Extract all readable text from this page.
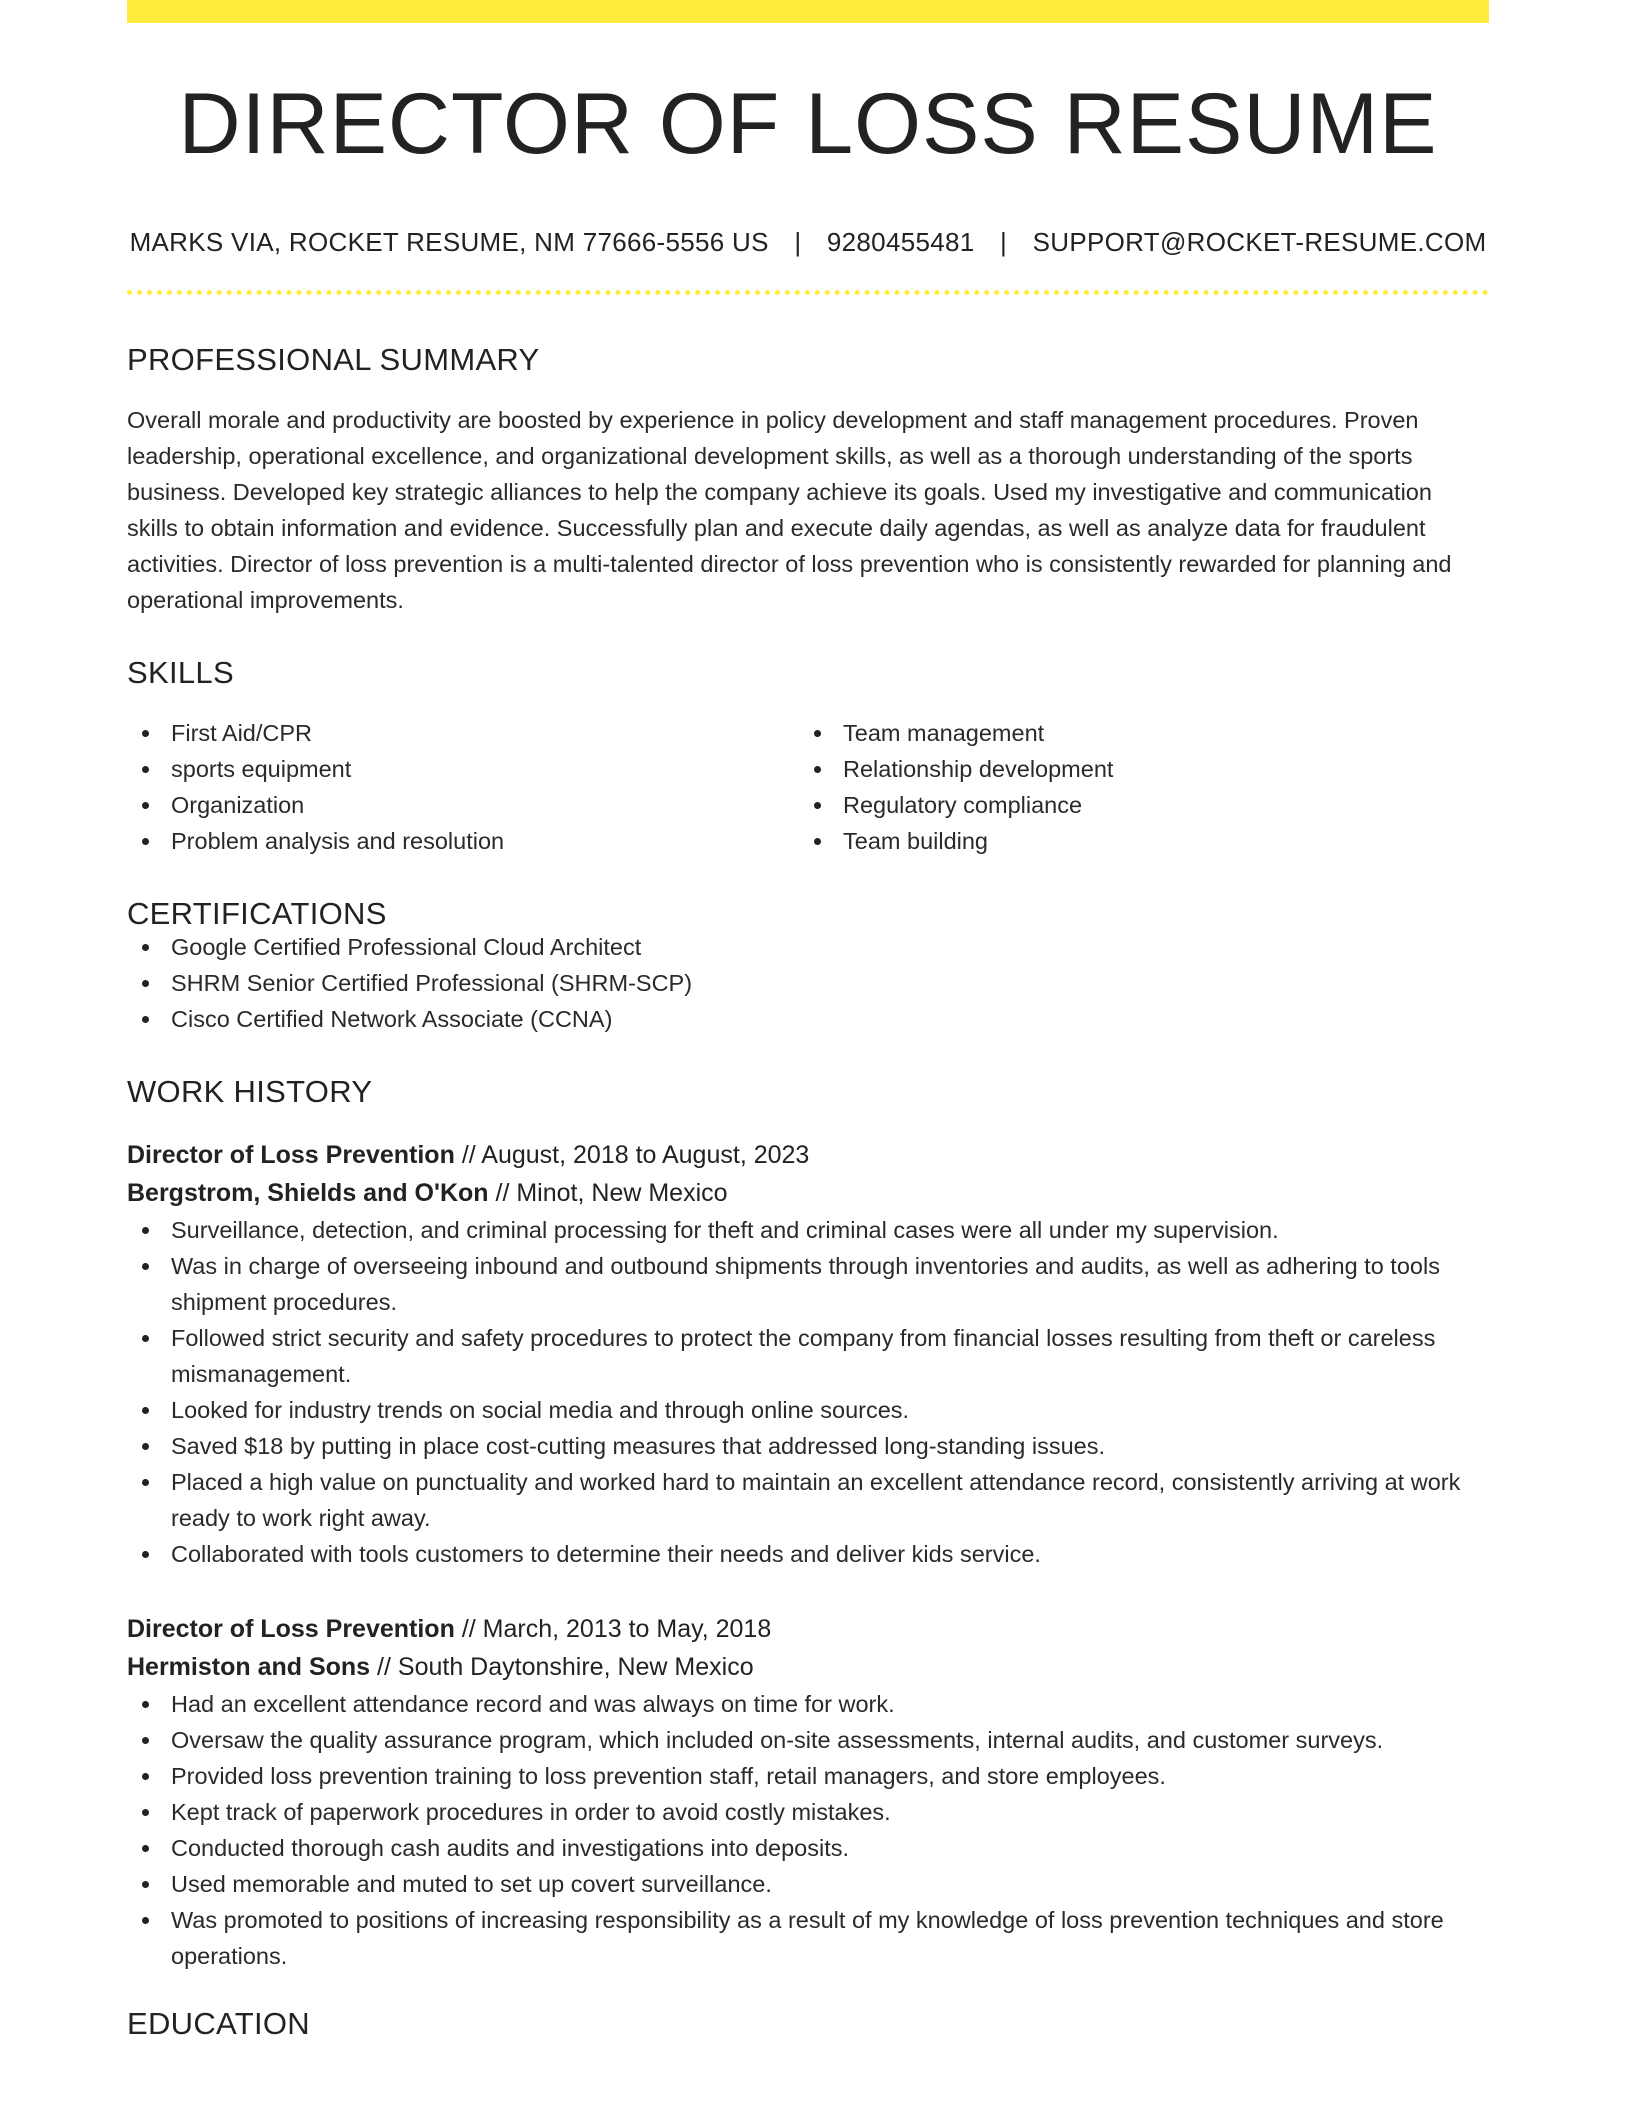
DIRECTOR OF LOSS RESUME
MARKS VIA, ROCKET RESUME, NM 77666-5556 US | 9280455481 | SUPPORT@ROCKET-RESUME.COM
PROFESSIONAL SUMMARY

Overall morale and productivity are boosted by experience in policy development and staff management procedures. Proven leadership, operational excellence, and organizational development skills, as well as a thorough understanding of the sports business. Developed key strategic alliances to help the company achieve its goals. Used my investigative and communication skills to obtain information and evidence. Successfully plan and execute daily agendas, as well as analyze data for fraudulent activities. Director of loss prevention is a multi-talented director of loss prevention who is consistently rewarded for planning and operational improvements.

SKILLS
First Aid/CPR
sports equipment
Organization
Problem analysis and resolution
Team management
Relationship development
Regulatory compliance
Team building
CERTIFICATIONS
Google Certified Professional Cloud Architect
SHRM Senior Certified Professional (SHRM-SCP)
Cisco Certified Network Associate (CCNA)
WORK HISTORY
Director of Loss Prevention // August, 2018 to August, 2023
Bergstrom, Shields and O'Kon // Minot, New Mexico
Surveillance, detection, and criminal processing for theft and criminal cases were all under my supervision.
Was in charge of overseeing inbound and outbound shipments through inventories and audits, as well as adhering to tools shipment procedures.
Followed strict security and safety procedures to protect the company from financial losses resulting from theft or careless mismanagement.
Looked for industry trends on social media and through online sources.
Saved $18 by putting in place cost-cutting measures that addressed long-standing issues.
Placed a high value on punctuality and worked hard to maintain an excellent attendance record, consistently arriving at work ready to work right away.
Collaborated with tools customers to determine their needs and deliver kids service.
Director of Loss Prevention // March, 2013 to May, 2018
Hermiston and Sons // South Daytonshire, New Mexico
Had an excellent attendance record and was always on time for work.
Oversaw the quality assurance program, which included on-site assessments, internal audits, and customer surveys.
Provided loss prevention training to loss prevention staff, retail managers, and store employees.
Kept track of paperwork procedures in order to avoid costly mistakes.
Conducted thorough cash audits and investigations into deposits.
Used memorable and muted to set up covert surveillance.
Was promoted to positions of increasing responsibility as a result of my knowledge of loss prevention techniques and store operations.
EDUCATION
